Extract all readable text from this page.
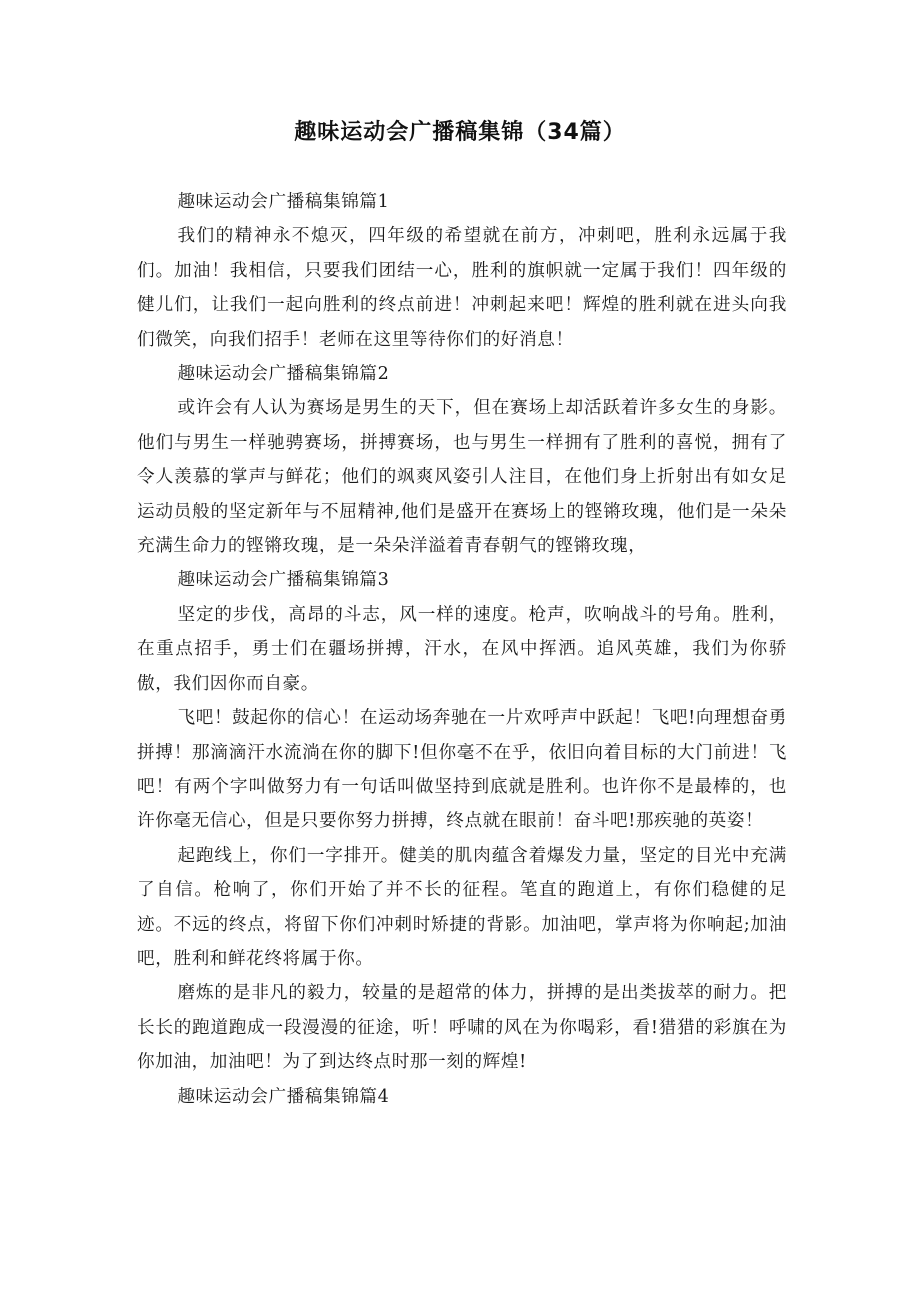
趣味运动会广播稿集锦（34篇）

趣味运动会广播稿集锦篇1

我们的精神永不熄灭，四年级的希望就在前方，冲刺吧，胜利永远属于我们。加油！我相信，只要我们团结一心，胜利的旗帜就一定属于我们！四年级的健儿们，让我们一起向胜利的终点前进！冲刺起来吧！辉煌的胜利就在进头向我们微笑，向我们招手！老师在这里等待你们的好消息！

趣味运动会广播稿集锦篇2

或许会有人认为赛场是男生的天下，但在赛场上却活跃着许多女生的身影。他们与男生一样驰骋赛场，拼搏赛场，也与男生一样拥有了胜利的喜悦，拥有了令人羡慕的掌声与鲜花；他们的飒爽风姿引人注目，在他们身上折射出有如女足运动员般的坚定新年与不屈精神,他们是盛开在赛场上的铿锵玫瑰，他们是一朵朵充满生命力的铿锵玫瑰，是一朵朵洋溢着青春朝气的铿锵玫瑰，

趣味运动会广播稿集锦篇3

坚定的步伐，高昂的斗志，风一样的速度。枪声，吹响战斗的号角。胜利，在重点招手，勇士们在疆场拼搏，汗水，在风中挥洒。追风英雄，我们为你骄傲，我们因你而自豪。

飞吧！鼓起你的信心！在运动场奔驰在一片欢呼声中跃起！飞吧!向理想奋勇拼搏！那滴滴汗水流淌在你的脚下!但你毫不在乎，依旧向着目标的大门前进！飞吧！有两个字叫做努力有一句话叫做坚持到底就是胜利。也许你不是最棒的，也许你毫无信心，但是只要你努力拼搏，终点就在眼前！奋斗吧!那疾驰的英姿！

起跑线上，你们一字排开。健美的肌肉蕴含着爆发力量，坚定的目光中充满了自信。枪响了，你们开始了并不长的征程。笔直的跑道上，有你们稳健的足迹。不远的终点，将留下你们冲刺时矫捷的背影。加油吧，掌声将为你响起;加油吧，胜利和鲜花终将属于你。

磨炼的是非凡的毅力，较量的是超常的体力，拼搏的是出类拔萃的耐力。把长长的跑道跑成一段漫漫的征途，听！呼啸的风在为你喝彩，看!猎猎的彩旗在为你加油，加油吧！为了到达终点时那一刻的辉煌!

趣味运动会广播稿集锦篇4
